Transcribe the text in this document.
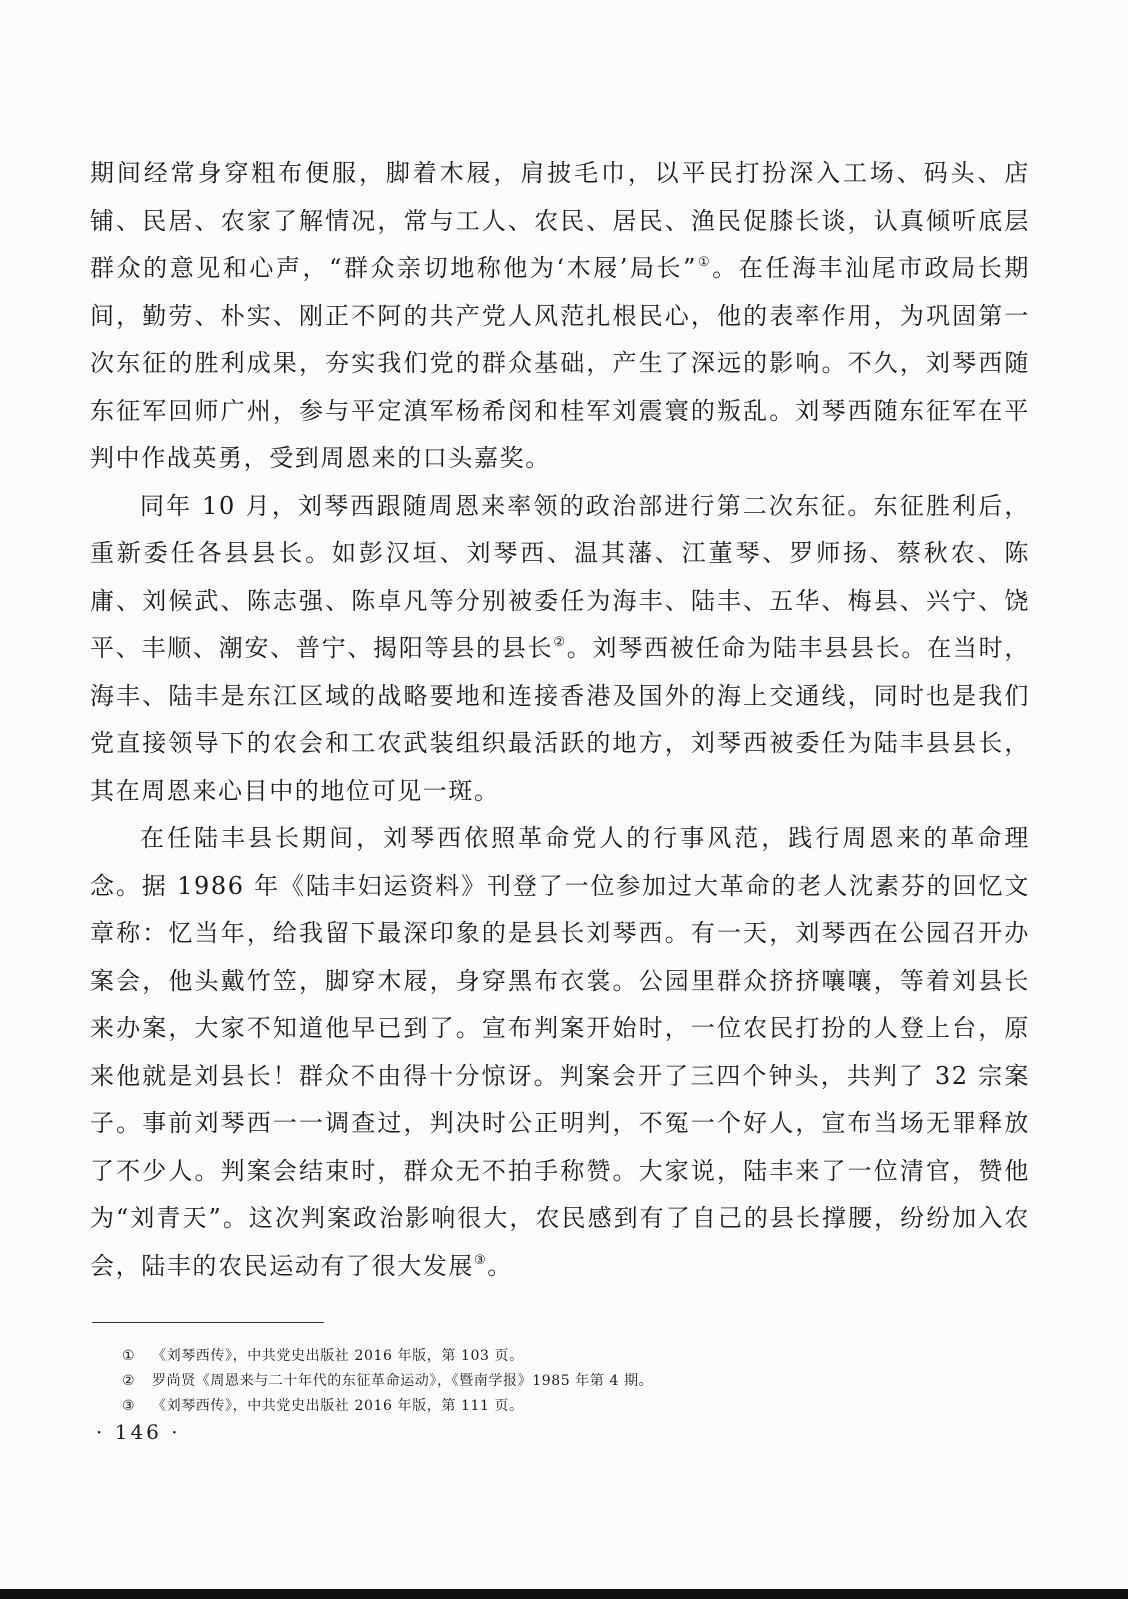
期间经常身穿粗布便服，脚着木屐，肩披毛巾，以平民打扮深入工场、码头、店铺、民居、农家了解情况，常与工人、农民、居民、渔民促膝长谈，认真倾听底层群众的意见和心声，“群众亲切地称他为‘木屐’局长”①。在任海丰汕尾市政局长期间，勤劳、朴实、刚正不阿的共产党人风范扎根民心，他的表率作用，为巩固第一次东征的胜利成果，夯实我们党的群众基础，产生了深远的影响。不久，刘琴西随东征军回师广州，参与平定滇军杨希闵和桂军刘震寰的叛乱。刘琴西随东征军在平判中作战英勇，受到周恩来的口头嘉奖。

同年 10 月，刘琴西跟随周恩来率领的政治部进行第二次东征。东征胜利后，重新委任各县县长。如彭汉垣、刘琴西、温其藩、江董琴、罗师扬、蔡秋农、陈庸、刘候武、陈志强、陈卓凡等分别被委任为海丰、陆丰、五华、梅县、兴宁、饶平、丰顺、潮安、普宁、揭阳等县的县长②。刘琴西被任命为陆丰县县长。在当时，海丰、陆丰是东江区域的战略要地和连接香港及国外的海上交通线，同时也是我们党直接领导下的农会和工农武装组织最活跃的地方，刘琴西被委任为陆丰县县长，其在周恩来心目中的地位可见一斑。

在任陆丰县长期间，刘琴西依照革命党人的行事风范，践行周恩来的革命理念。据 1986 年《陆丰妇运资料》刊登了一位参加过大革命的老人沈素芬的回忆文章称：忆当年，给我留下最深印象的是县长刘琴西。有一天，刘琴西在公园召开办案会，他头戴竹笠，脚穿木屐，身穿黑布衣裳。公园里群众挤挤嚷嚷，等着刘县长来办案，大家不知道他早已到了。宣布判案开始时，一位农民打扮的人登上台，原来他就是刘县长！群众不由得十分惊讶。判案会开了三四个钟头，共判了 32 宗案子。事前刘琴西一一调查过，判决时公正明判，不冤一个好人，宣布当场无罪释放了不少人。判案会结束时，群众无不拍手称赞。大家说，陆丰来了一位清官，赞他为“刘青天”。这次判案政治影响很大，农民感到有了自己的县长撑腰，纷纷加入农会，陆丰的农民运动有了很大发展③。

① 《刘琴西传》，中共党史出版社 2016 年版，第 103 页。

② 罗尚贤《周恩来与二十年代的东征革命运动》，《暨南学报》1985 年第 4 期。

③ 《刘琴西传》，中共党史出版社 2016 年版，第 111 页。

· 146 ·
